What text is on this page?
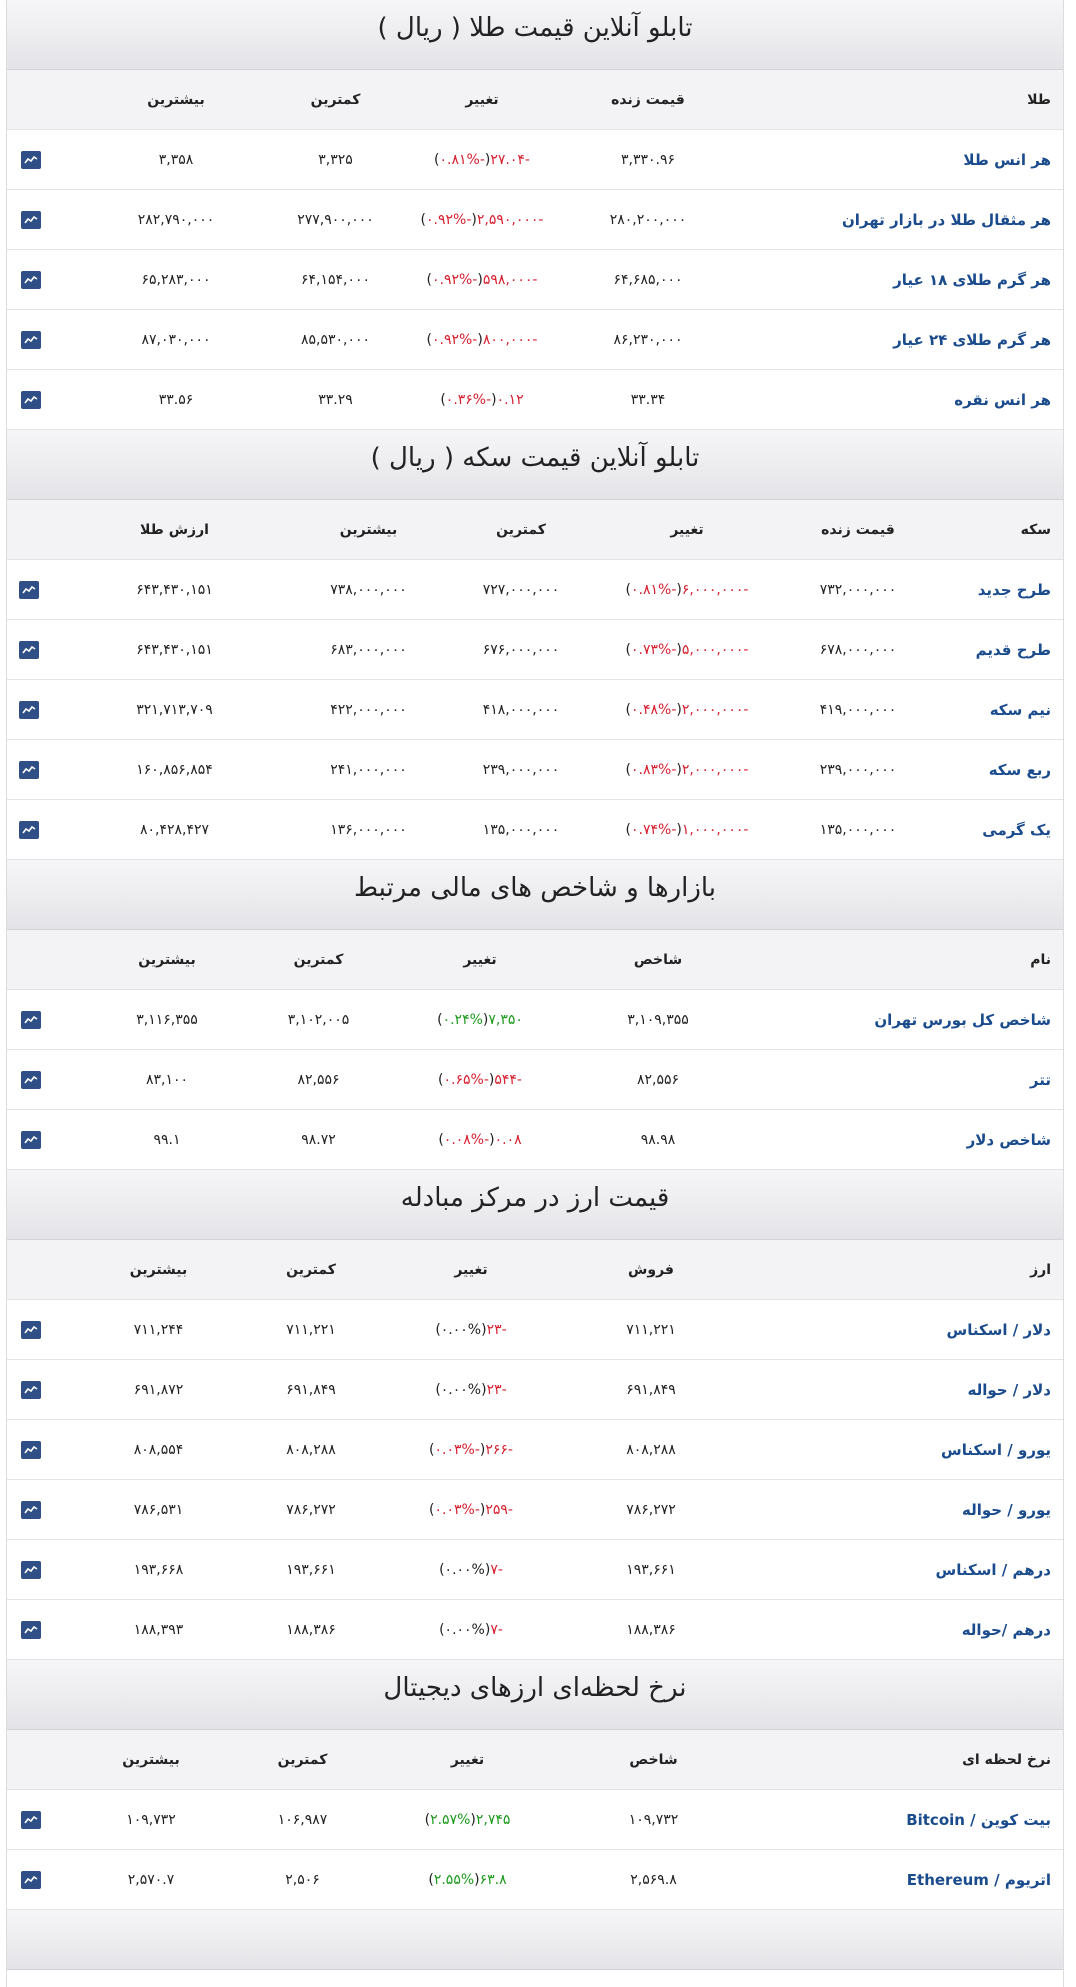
تابلو آنلاین قیمت طلا ( ریال )
طلا
قیمت زنده
تغییر
کمترین
بیشترین
هر انس طلا
۳,۳۳۰.۹۶
-۲۷.۰۴(-۰.۸۱%)
۳,۳۲۵
۳,۳۵۸
هر مثقال طلا در بازار تهران
۲۸۰,۲۰۰,۰۰۰
-۲,۵۹۰,۰۰۰(-۰.۹۲%)
۲۷۷,۹۰۰,۰۰۰
۲۸۲,۷۹۰,۰۰۰
هر گرم طلای ۱۸ عیار
۶۴,۶۸۵,۰۰۰
-۵۹۸,۰۰۰(-۰.۹۲%)
۶۴,۱۵۴,۰۰۰
۶۵,۲۸۳,۰۰۰
هر گرم طلای ۲۴ عیار
۸۶,۲۳۰,۰۰۰
-۸۰۰,۰۰۰(-۰.۹۲%)
۸۵,۵۳۰,۰۰۰
۸۷,۰۳۰,۰۰۰
هر انس نقره
۳۳.۳۴
۰.۱۲(-۰.۳۶%)
۳۳.۲۹
۳۳.۵۶
تابلو آنلاین قیمت سکه ( ریال )
سکه
قیمت زنده
تغییر
کمترین
بیشترین
ارزش طلا
طرح جدید
۷۳۲,۰۰۰,۰۰۰
-۶,۰۰۰,۰۰۰(-۰.۸۱%)
۷۲۷,۰۰۰,۰۰۰
۷۳۸,۰۰۰,۰۰۰
۶۴۳,۴۳۰,۱۵۱
طرح قدیم
۶۷۸,۰۰۰,۰۰۰
-۵,۰۰۰,۰۰۰(-۰.۷۳%)
۶۷۶,۰۰۰,۰۰۰
۶۸۳,۰۰۰,۰۰۰
۶۴۳,۴۳۰,۱۵۱
نیم سکه
۴۱۹,۰۰۰,۰۰۰
-۲,۰۰۰,۰۰۰(-۰.۴۸%)
۴۱۸,۰۰۰,۰۰۰
۴۲۲,۰۰۰,۰۰۰
۳۲۱,۷۱۳,۷۰۹
ربع سکه
۲۳۹,۰۰۰,۰۰۰
-۲,۰۰۰,۰۰۰(-۰.۸۳%)
۲۳۹,۰۰۰,۰۰۰
۲۴۱,۰۰۰,۰۰۰
۱۶۰,۸۵۶,۸۵۴
یک گرمی
۱۳۵,۰۰۰,۰۰۰
-۱,۰۰۰,۰۰۰(-۰.۷۴%)
۱۳۵,۰۰۰,۰۰۰
۱۳۶,۰۰۰,۰۰۰
۸۰,۴۲۸,۴۲۷
بازارها و شاخص های مالی مرتبط
نام
شاخص
تغییر
کمترین
بیشترین
شاخص کل بورس تهران
۳,۱۰۹,۳۵۵
۷,۳۵۰(۰.۲۴%)
۳,۱۰۲,۰۰۵
۳,۱۱۶,۳۵۵
تتر
۸۲,۵۵۶
-۵۴۴(-۰.۶۵%)
۸۲,۵۵۶
۸۳,۱۰۰
شاخص دلار
۹۸.۹۸
۰.۰۸(-۰.۰۸%)
۹۸.۷۲
۹۹.۱
قیمت ارز در مرکز مبادله
ارز
فروش
تغییر
کمترین
بیشترین
دلار / اسکناس
۷۱۱,۲۲۱
-۲۳(۰.۰۰%)
۷۱۱,۲۲۱
۷۱۱,۲۴۴
دلار / حواله
۶۹۱,۸۴۹
-۲۳(۰.۰۰%)
۶۹۱,۸۴۹
۶۹۱,۸۷۲
یورو / اسکناس
۸۰۸,۲۸۸
-۲۶۶(-۰.۰۳%)
۸۰۸,۲۸۸
۸۰۸,۵۵۴
یورو / حواله
۷۸۶,۲۷۲
-۲۵۹(-۰.۰۳%)
۷۸۶,۲۷۲
۷۸۶,۵۳۱
درهم / اسکناس
۱۹۳,۶۶۱
-۷(۰.۰۰%)
۱۹۳,۶۶۱
۱۹۳,۶۶۸
درهم /حواله
۱۸۸,۳۸۶
-۷(۰.۰۰%)
۱۸۸,۳۸۶
۱۸۸,۳۹۳
نرخ لحظه‌ای ارزهای دیجیتال
نرخ لحظه ای
شاخص
تغییر
کمترین
بیشترین
بیت کوین / Bitcoin
۱۰۹,۷۳۲
۲,۷۴۵(۲.۵۷%)
۱۰۶,۹۸۷
۱۰۹,۷۳۲
اتریوم / Ethereum
۲,۵۶۹.۸
۶۳.۸(۲.۵۵%)
۲,۵۰۶
۲,۵۷۰.۷
